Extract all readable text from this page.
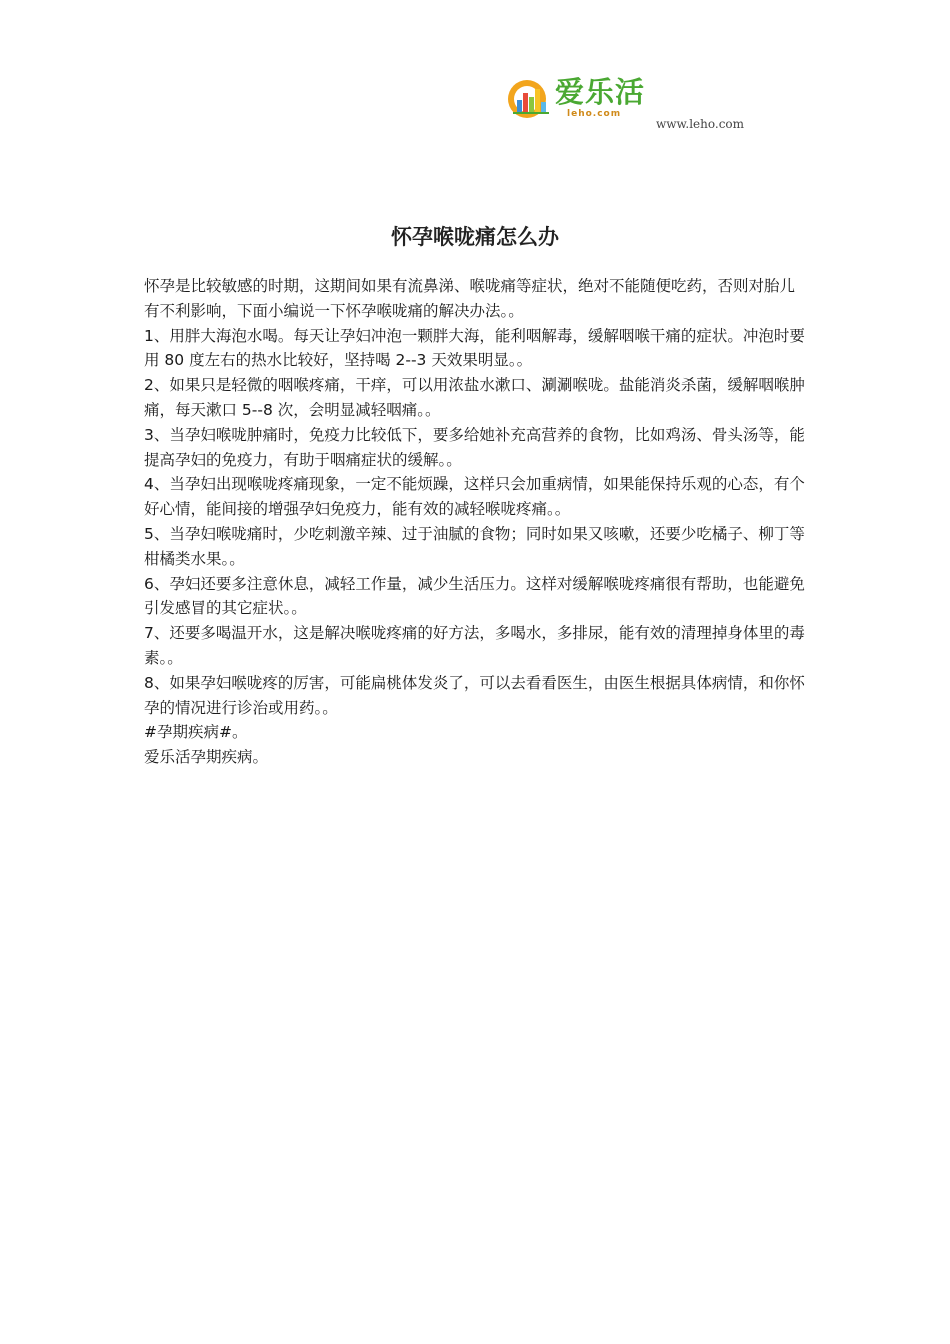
爱乐活
leho.com
www.leho.com
怀孕喉咙痛怎么办

怀孕是比较敏感的时期，这期间如果有流鼻涕、喉咙痛等症状，绝对不能随便吃药，否则对胎儿有不利影响，下面小编说一下怀孕喉咙痛的解决办法。。

1、用胖大海泡水喝。每天让孕妇冲泡一颗胖大海，能利咽解毒，缓解咽喉干痛的症状。冲泡时要用 80 度左右的热水比较好，坚持喝 2--3 天效果明显。。

2、如果只是轻微的咽喉疼痛，干痒，可以用浓盐水漱口、涮涮喉咙。盐能消炎杀菌，缓解咽喉肿痛，每天漱口 5--8 次，会明显减轻咽痛。。

3、当孕妇喉咙肿痛时，免疫力比较低下，要多给她补充高营养的食物，比如鸡汤、骨头汤等，能提高孕妇的免疫力，有助于咽痛症状的缓解。。

4、当孕妇出现喉咙疼痛现象，一定不能烦躁，这样只会加重病情，如果能保持乐观的心态，有个好心情，能间接的增强孕妇免疫力，能有效的减轻喉咙疼痛。。

5、当孕妇喉咙痛时，少吃刺激辛辣、过于油腻的食物；同时如果又咳嗽，还要少吃橘子、柳丁等柑橘类水果。。

6、孕妇还要多注意休息，减轻工作量，减少生活压力。这样对缓解喉咙疼痛很有帮助，也能避免引发感冒的其它症状。。

7、还要多喝温开水，这是解决喉咙疼痛的好方法，多喝水，多排尿，能有效的清理掉身体里的毒素。。

8、如果孕妇喉咙疼的厉害，可能扁桃体发炎了，可以去看看医生，由医生根据具体病情，和你怀孕的情况进行诊治或用药。。

#孕期疾病#。

爱乐活孕期疾病。
